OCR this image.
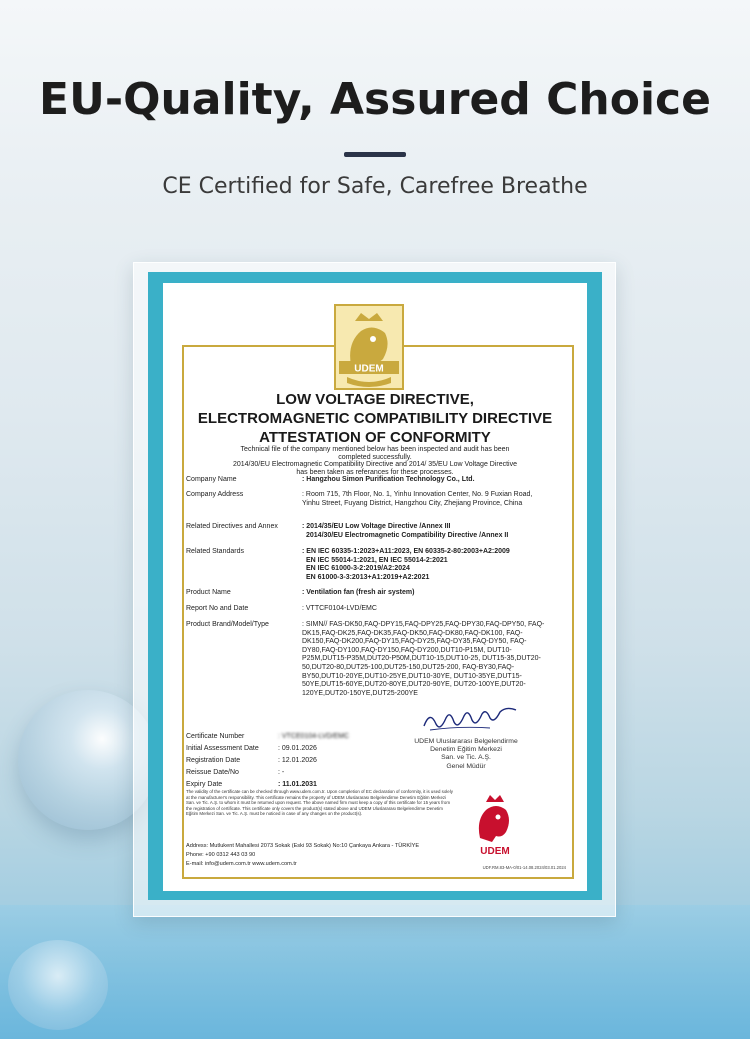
EU-Quality, Assured Choice
CE Certified for Safe, Carefree Breathe
UDEM
LOW VOLTAGE DIRECTIVE,
ELECTROMAGNETIC COMPATIBILITY DIRECTIVE
ATTESTATION OF CONFORMITY
Technical file of the company mentioned below has been inspected and audit has been
completed successfully.
2014/30/EU Electromagnetic Compatibility Directive and 2014/ 35/EU Low Voltage Directive
has been taken as referances for these processes.
Company Name	: Hangzhou Simon Purification Technology Co., Ltd.
Company Address	: Room 715, 7th Floor, No. 1, Yinhu Innovation Center, No. 9 Fuxian Road, Yinhu Street, Fuyang District, Hangzhou City, Zhejiang Province, China
Related Directives and Annex	: 2014/35/EU Low Voltage Directive /Annex III
2014/30/EU Electromagnetic Compatibility Directive /Annex II
Related Standards	: EN IEC 60335-1:2023+A11:2023, EN 60335-2-80:2003+A2:2009
EN IEC 55014-1:2021, EN IEC 55014-2:2021
EN IEC 61000-3-2:2019/A2:2024
EN 61000-3-3:2013+A1:2019+A2:2021
Product Name	: Ventilation fan (fresh air system)
Report No and Date	: VTTCF0104-LVD/EMC
Product Brand/Model/Type	: SIMN// FAS-DK50,FAQ-DPY15,FAQ-DPY25,FAQ-DPY30,FAQ-DPY50, FAQ-DK15,FAQ-DK25,FAQ-DK35,FAQ-DK50,FAQ-DK80,FAQ-DK100, FAQ-DK150,FAQ-DK200,FAQ-DY15,FAQ-DY25,FAQ-DY35,FAQ-DY50, FAQ-DY80,FAQ-DY100,FAQ-DY150,FAQ-DY200,DUT10-P15M, DUT10-P25M,DUT15-P35M,DUT20-P50M,DUT10-15,DUT10-25, DUT15-35,DUT20-50,DUT20-80,DUT25-100,DUT25-150,DUT25-200, FAQ-BY30,FAQ-BY50,DUT10-20YE,DUT10-25YE,DUT10-30YE, DUT10-35YE,DUT15-50YE,DUT15-60YE,DUT20-80YE,DUT20-90YE, DUT20-100YE,DUT20-120YE,DUT20-150YE,DUT25-200YE
Certificate Number	: VTCE0104-LVD/EMC
Initial Assessment Date	: 09.01.2026
Registration Date	: 12.01.2026
Reissue Date/No	: -
Expiry Date	: 11.01.2031
UDEM Uluslararası Belgelendirme
Denetim Eğitim Merkezi
San. ve Tic. A.Ş.
Genel Müdür
The validity of the certificate can be checked through www.udem.com.tr. Upon completion of EC declaration of conformity, it is used solely at the manufacturer's responsibility. This certificate remains the property of UDEM Uluslararası Belgelendirme Denetim Eğitim Merkezi San. ve Tic. A.Ş. to whom it must be returned upon request. The above named firm must keep a copy of this certificate for 15 years from the registration of certificate. This certificate only covers the product(s) stated above and UDEM Uluslararası Belgelendirme Denetim Eğitim Merkezi San. ve Tic. A.Ş. must be noticed in case of any changes on the product(s).
UDEM
Address: Mutlukent Mahallesi 2073 Sokak (Eski 93 Sokak) No:10 Çankaya Ankara - TÜRKİYE
Phone: +90 0312 443 03 90
E-mail: info@udem.com.tr www.udem.com.tr
UDF.RM.83-MA-0/01-14.08.2024/03.01.2024
